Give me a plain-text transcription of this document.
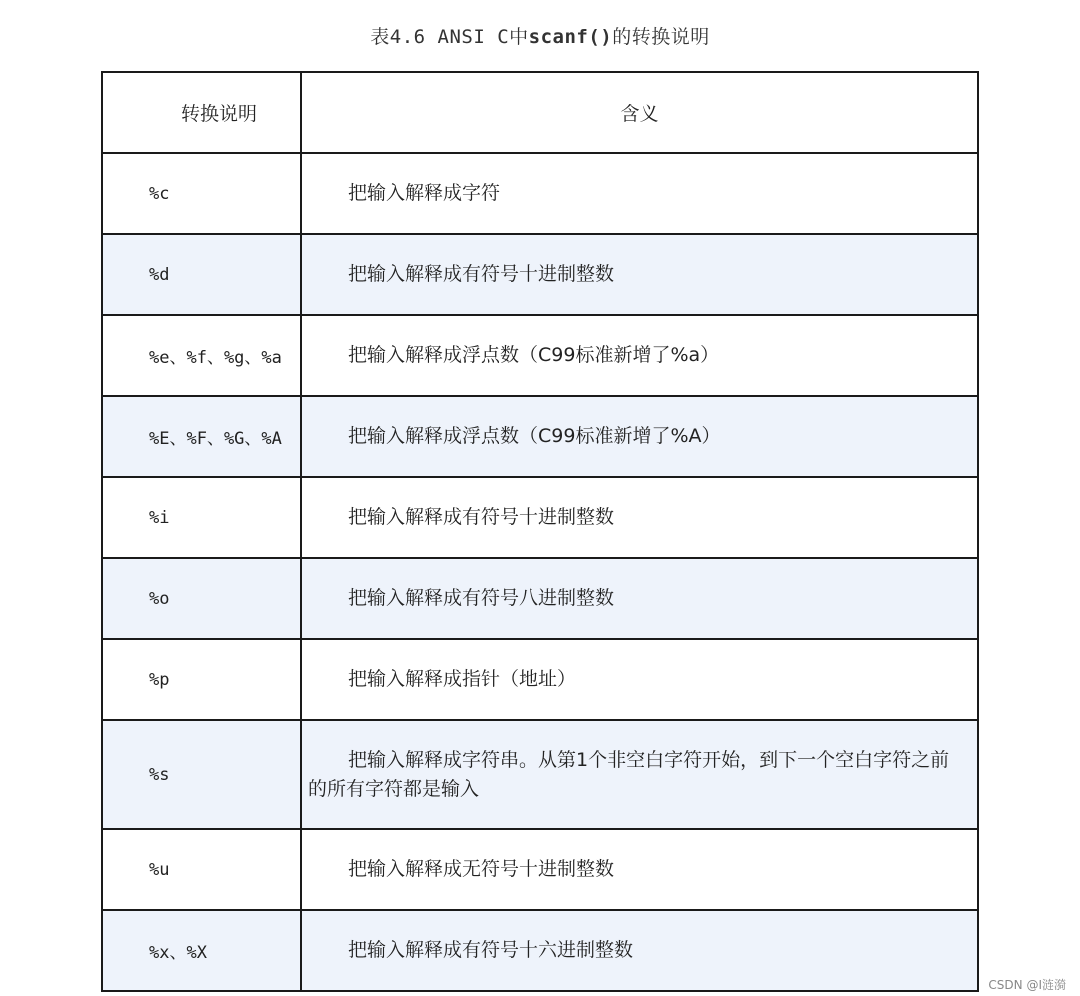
表4.6 ANSI C中scanf()的转换说明
转换说明	含义
%c	把输入解释成字符
%d	把输入解释成有符号十进制整数
%e、%f、%g、%a	把输入解释成浮点数（C99标准新增了%a）
%E、%F、%G、%A	把输入解释成浮点数（C99标准新增了%A）
%i	把输入解释成有符号十进制整数
%o	把输入解释成有符号八进制整数
%p	把输入解释成指针（地址）
%s	把输入解释成字符串。从第1个非空白字符开始，到下一个空白字符之前的所有字符都是输入
%u	把输入解释成无符号十进制整数
%x、%X	把输入解释成有符号十六进制整数
CSDN @I涟漪
